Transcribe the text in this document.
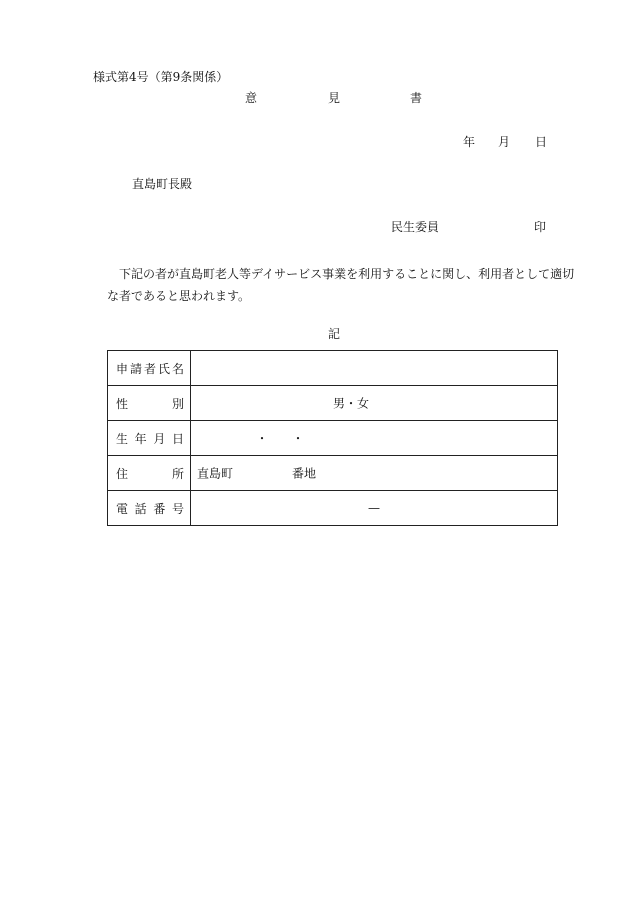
様式第4号（第9条関係）
意	見	書
年 月 日
直島町長殿
民生委員	印
下記の者が直島町老人等デイサービス事業を利用することに関し、利用者として適切
な者であると思われます。
記
申 請 者 氏 名	

性 別	男・女

生 年 月 日	・ ・

住 所	直島町 番地

電 話 番 号	—
